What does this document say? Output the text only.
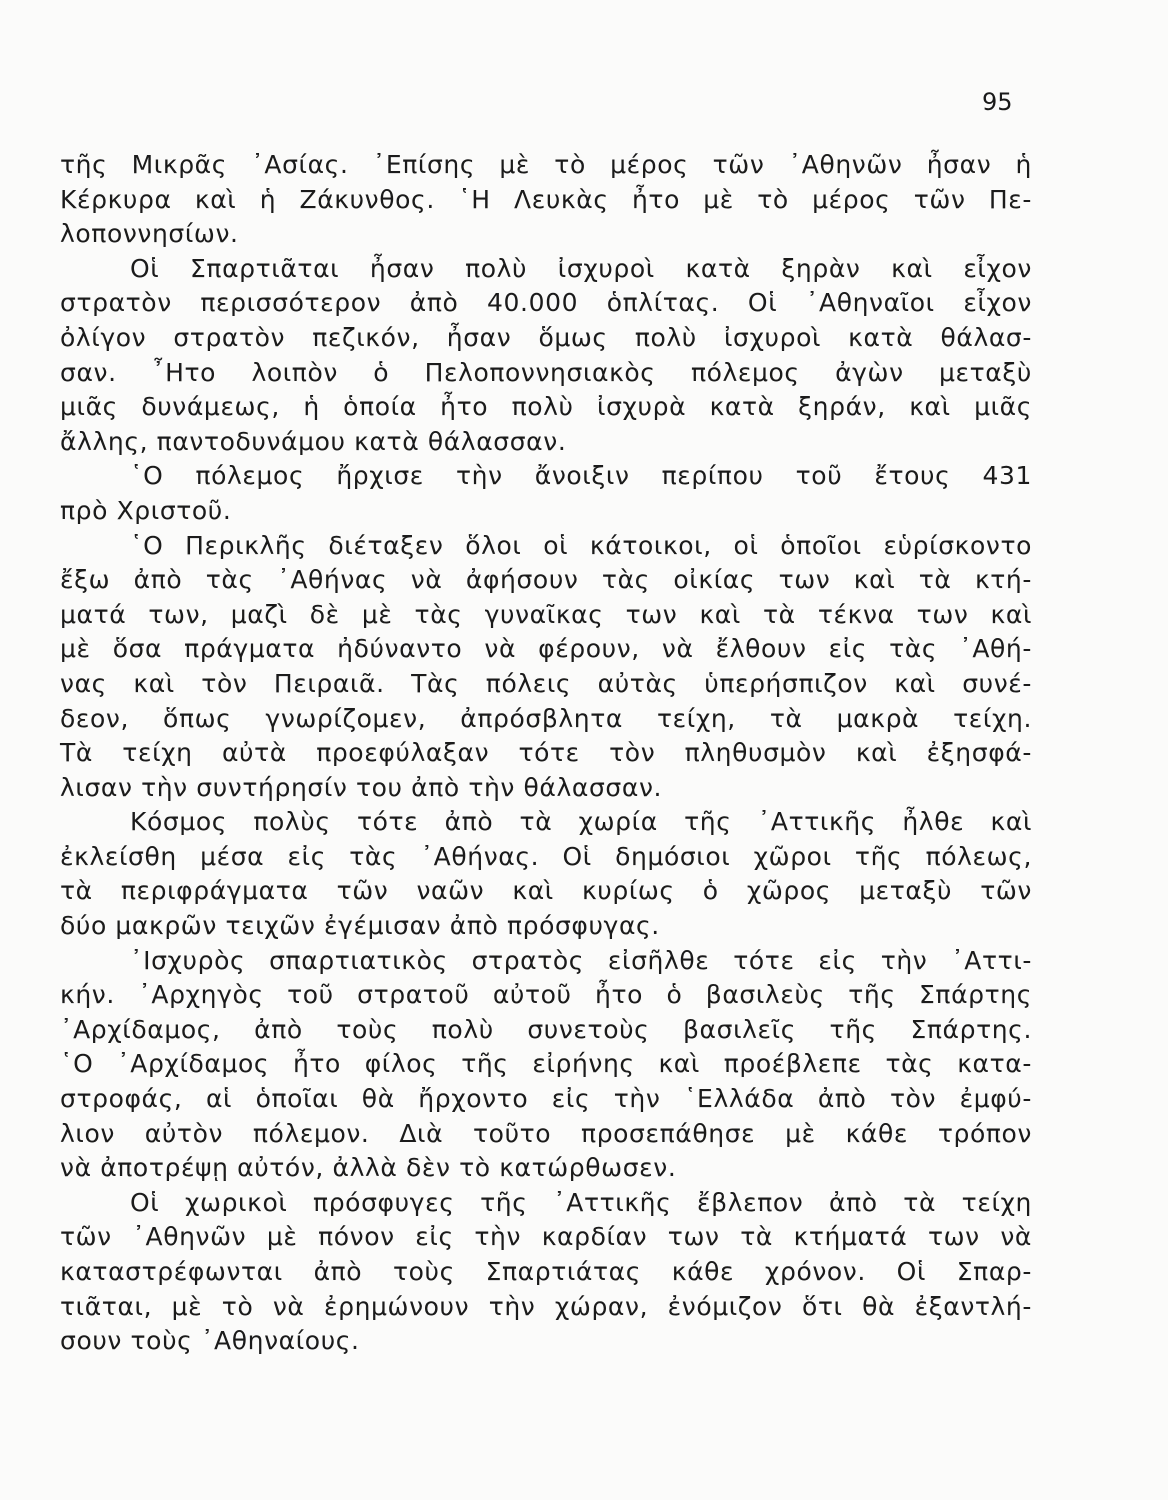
95
τῆς Μικρᾶς ᾿Ασίας. ᾿Επίσης μὲ τὸ μέρος τῶν ᾿Αθηνῶν ἦσαν ἡ
Κέρκυρα καὶ ἡ Ζάκυνθος. ῾Η Λευκὰς ἦτο μὲ τὸ μέρος τῶν Πε-
λοποννησίων.
Οἱ Σπαρτιᾶται ἦσαν πολὺ ἰσχυροὶ κατὰ ξηρὰν καὶ εἶχον
στρατὸν περισσότερον ἀπὸ 40.000 ὁπλίτας. Οἱ ᾿Αθηναῖοι εἶχον
ὀλίγον στρατὸν πεζικόν, ἦσαν ὅμως πολὺ ἰσχυροὶ κατὰ θάλασ-
σαν. ῏Ητο λοιπὸν ὁ Πελοποννησιακὸς πόλεμος ἀγὼν μεταξὺ
μιᾶς δυνάμεως, ἡ ὁποία ἦτο πολὺ ἰσχυρὰ κατὰ ξηράν, καὶ μιᾶς
ἄλλης, παντοδυνάμου κατὰ θάλασσαν.
῾Ο πόλεμος ἤρχισε τὴν ἄνοιξιν περίπου τοῦ ἔτους 431
πρὸ Χριστοῦ.
῾Ο Περικλῆς διέταξεν ὅλοι οἱ κάτοικοι, οἱ ὁποῖοι εὑρίσκοντο
ἔξω ἀπὸ τὰς ᾿Αθήνας νὰ ἀφήσουν τὰς οἰκίας των καὶ τὰ κτή-
ματά των, μαζὶ δὲ μὲ τὰς γυναῖκας των καὶ τὰ τέκνα των καὶ
μὲ ὅσα πράγματα ἠδύναντο νὰ φέρουν, νὰ ἔλθουν εἰς τὰς ᾿Αθή-
νας καὶ τὸν Πειραιᾶ. Τὰς πόλεις αὐτὰς ὑπερήσπιζον καὶ συνέ-
δεον, ὅπως γνωρίζομεν, ἀπρόσβλητα τείχη, τὰ μακρὰ τείχη.
Τὰ τείχη αὐτὰ προεφύλαξαν τότε τὸν πληθυσμὸν καὶ ἐξησφά-
λισαν τὴν συντήρησίν του ἀπὸ τὴν θάλασσαν.
Κόσμος πολὺς τότε ἀπὸ τὰ χωρία τῆς ᾿Αττικῆς ἦλθε καὶ
ἐκλείσθη μέσα εἰς τὰς ᾿Αθήνας. Οἱ δημόσιοι χῶροι τῆς πόλεως,
τὰ περιφράγματα τῶν ναῶν καὶ κυρίως ὁ χῶρος μεταξὺ τῶν
δύο μακρῶν τειχῶν ἐγέμισαν ἀπὸ πρόσφυγας.
᾿Ισχυρὸς σπαρτιατικὸς στρατὸς εἰσῆλθε τότε εἰς τὴν ᾿Αττι-
κήν. ᾿Αρχηγὸς τοῦ στρατοῦ αὐτοῦ ἦτο ὁ βασιλεὺς τῆς Σπάρτης
᾿Αρχίδαμος, ἀπὸ τοὺς πολὺ συνετοὺς βασιλεῖς τῆς Σπάρτης.
῾Ο ᾿Αρχίδαμος ἦτο φίλος τῆς εἰρήνης καὶ προέβλεπε τὰς κατα-
στροφάς, αἱ ὁποῖαι θὰ ἤρχοντο εἰς τὴν ῾Ελλάδα ἀπὸ τὸν ἐμφύ-
λιον αὐτὸν πόλεμον. Διὰ τοῦτο προσεπάθησε μὲ κάθε τρόπον
νὰ ἀποτρέψῃ αὐτόν, ἀλλὰ δὲν τὸ κατώρθωσεν.
Οἱ χωρικοὶ πρόσφυγες τῆς ᾿Αττικῆς ἔβλεπον ἀπὸ τὰ τείχη
τῶν ᾿Αθηνῶν μὲ πόνον εἰς τὴν καρδίαν των τὰ κτήματά των νὰ
καταστρέφωνται ἀπὸ τοὺς Σπαρτιάτας κάθε χρόνον. Οἱ Σπαρ-
τιᾶται, μὲ τὸ νὰ ἐρημώνουν τὴν χώραν, ἐνόμιζον ὅτι θὰ ἐξαντλή-
σουν τοὺς ᾿Αθηναίους.
